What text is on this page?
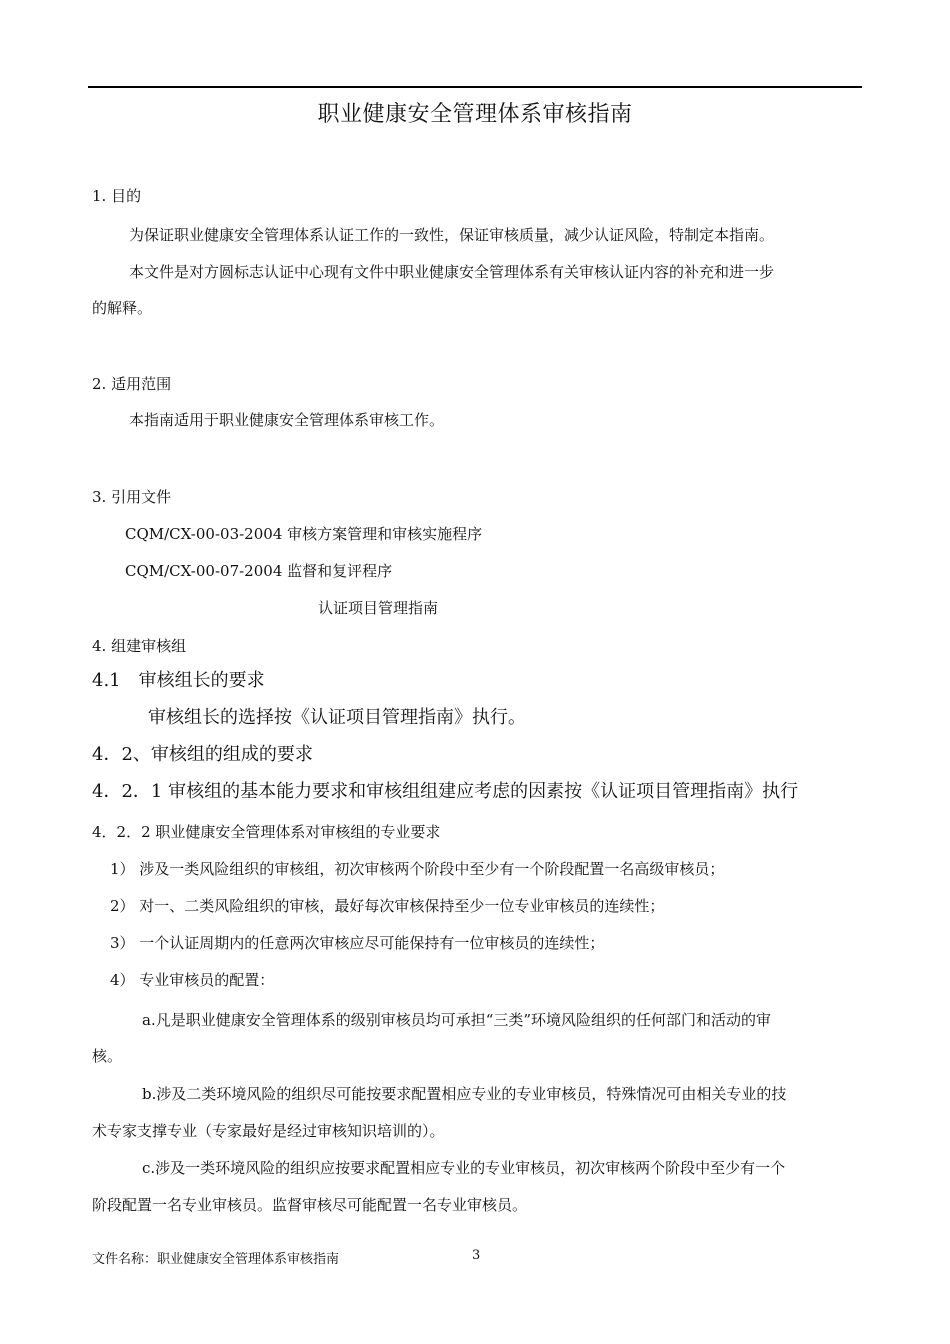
职业健康安全管理体系审核指南
1. 目的
为保证职业健康安全管理体系认证工作的一致性，保证审核质量，减少认证风险，特制定本指南。
本文件是对方圆标志认证中心现有文件中职业健康安全管理体系有关审核认证内容的补充和进一步
的解释。
2. 适用范围
本指南适用于职业健康安全管理体系审核工作。
3. 引用文件
CQM/CX-00-03-2004 审核方案管理和审核实施程序
CQM/CX-00-07-2004 监督和复评程序
认证项目管理指南
4. 组建审核组
4.1　审核组长的要求
审核组长的选择按《认证项目管理指南》执行。
4．2、审核组的组成的要求
4．2．1 审核组的基本能力要求和审核组组建应考虑的因素按《认证项目管理指南》执行
4．2．2 职业健康安全管理体系对审核组的专业要求
1） 涉及一类风险组织的审核组，初次审核两个阶段中至少有一个阶段配置一名高级审核员；
2） 对一、二类风险组织的审核，最好每次审核保持至少一位专业审核员的连续性；
3） 一个认证周期内的任意两次审核应尽可能保持有一位审核员的连续性；
4） 专业审核员的配置：
a.凡是职业健康安全管理体系的级别审核员均可承担“三类”环境风险组织的任何部门和活动的审
核。
b.涉及二类环境风险的组织尽可能按要求配置相应专业的专业审核员，特殊情况可由相关专业的技
术专家支撑专业（专家最好是经过审核知识培训的）。
c.涉及一类环境风险的组织应按要求配置相应专业的专业审核员，初次审核两个阶段中至少有一个
阶段配置一名专业审核员。监督审核尽可能配置一名专业审核员。
文件名称：职业健康安全管理体系审核指南	3
